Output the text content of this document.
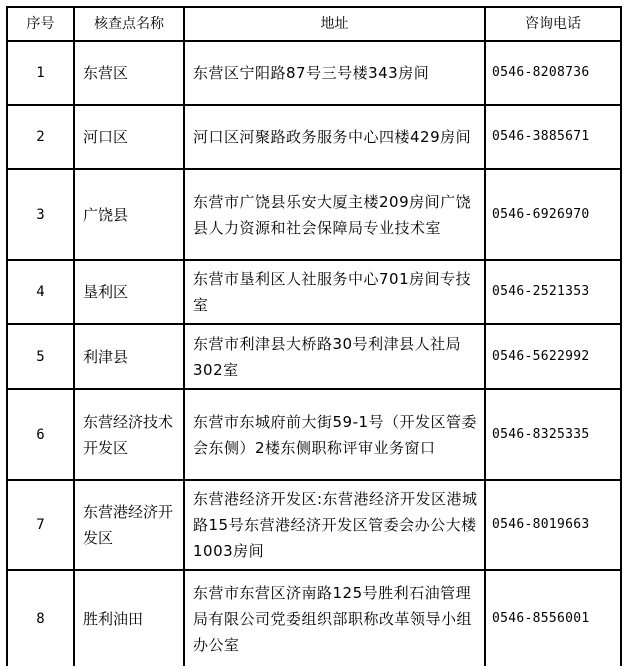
序号	核查点名称	地址	咨询电话
1	东营区	东营区宁阳路87号三号楼343房间	0546-8208736
2	河口区	河口区河聚路政务服务中心四楼429房间	0546-3885671
3	广饶县	东营市广饶县乐安大厦主楼209房间广饶县人力资源和社会保障局专业技术室	0546-6926970
4	垦利区	东营市垦利区人社服务中心701房间专技室	0546-2521353
5	利津县	东营市利津县大桥路30号利津县人社局302室	0546-5622992
6	东营经济技术开发区	东营市东城府前大街59-1号（开发区管委会东侧）2楼东侧职称评审业务窗口	0546-8325335
7	东营港经济开发区	东营港经济开发区:东营港经济开发区港城路15号东营港经济开发区管委会办公大楼1003房间	0546-8019663
8	胜利油田	东营市东营区济南路125号胜利石油管理局有限公司党委组织部职称改革领导小组办公室	0546-8556001
